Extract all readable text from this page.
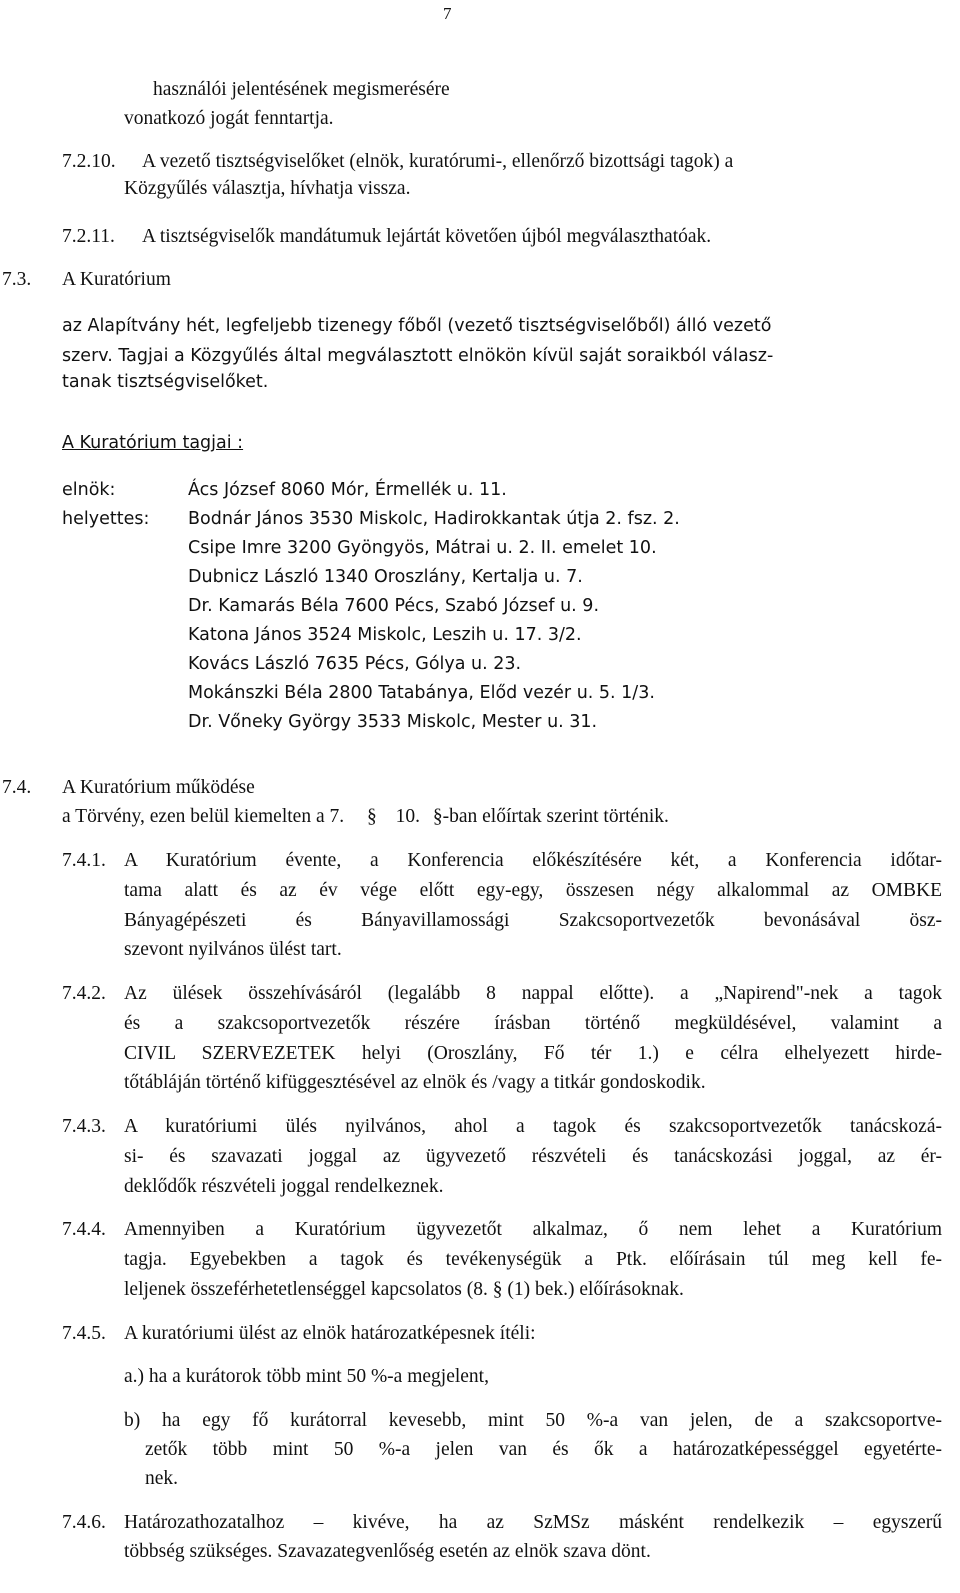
7
használói jelentésének megismerésére
vonatkozó jogát fenntartja.
7.2.10. A vezető tisztségviselőket (elnök, kuratórumi-, ellenőrző bizottsági tagok) a
Közgyűlés választja, hívhatja vissza.
7.2.11. A tisztségviselők mandátumuk lejártát követően újból megválaszthatóak.
7.3. A Kuratórium
az Alapítvány hét, legfeljebb tizenegy főből (vezető tisztségviselőből) álló vezető
szerv. Tagjai a Közgyűlés által megválasztott elnökön kívül saját soraikból válasz-
tanak tisztségviselőket.
A Kuratórium tagjai :
elnök:	Ács József 8060 Mór, Érmellék u. 11.
helyettes: Bodnár János 3530 Miskolc, Hadirokkantak útja 2. fsz. 2.
Csipe Imre 3200 Gyöngyös, Mátrai u. 2. II. emelet 10.
Dubnicz László 1340 Oroszlány, Kertalja u. 7.
Dr. Kamarás Béla 7600 Pécs, Szabó József u. 9.
Katona János 3524 Miskolc, Leszih u. 17. 3/2.
Kovács László 7635 Pécs, Gólya u. 23.
Mokánszki Béla 2800 Tatabánya, Előd vezér u. 5. 1/3.
Dr. Vőneky György 3533 Miskolc, Mester u. 31.
7.4. A Kuratórium működése
a Törvény, ezen belül kiemelten a 7. § 10. §-ban előírtak szerint történik.
7.4.1. A Kuratórium évente, a Konferencia előkészítésére két, a Konferencia időtar-
tama alatt és az év vége előtt egy-egy, összesen négy alkalommal az OMBKE
Bányagépészeti és Bányavillamossági Szakcsoportvezetők bevonásával ösz-
szevont nyilvános ülést tart.
7.4.2. Az ülések összehívásáról (legalább 8 nappal előtte). a „Napirend"-nek a tagok
és a szakcsoportvezetők részére írásban történő megküldésével, valamint a
CIVIL SZERVEZETEK helyi (Oroszlány, Fő tér 1.) e célra elhelyezett hirde-
tőtábláján történő kifüggesztésével az elnök és /vagy a titkár gondoskodik.
7.4.3. A kuratóriumi ülés nyilvános, ahol a tagok és szakcsoportvezetők tanácskozá-
si- és szavazati joggal az ügyvezető részvételi és tanácskozási joggal, az ér-
deklődők részvételi joggal rendelkeznek.
7.4.4. Amennyiben a Kuratórium ügyvezetőt alkalmaz, ő nem lehet a Kuratórium
tagja. Egyebekben a tagok és tevékenységük a Ptk. előírásain túl meg kell fe-
leljenek összeférhetetlenséggel kapcsolatos (8. § (1) bek.) előírásoknak.
7.4.5. A kuratóriumi ülést az elnök határozatképesnek ítéli:
a.) ha a kurátorok több mint 50 %-a megjelent,
b) ha egy fő kurátorral kevesebb, mint 50 %-a van jelen, de a szakcsoportve-
zetők több mint 50 %-a jelen van és ők a határozatképességgel egyetérte-
nek.
7.4.6. Határozathozatalhoz – kivéve, ha az SzMSz másként rendelkezik – egyszerű
többség szükséges. Szavazategvenlőség esetén az elnök szava dönt.
